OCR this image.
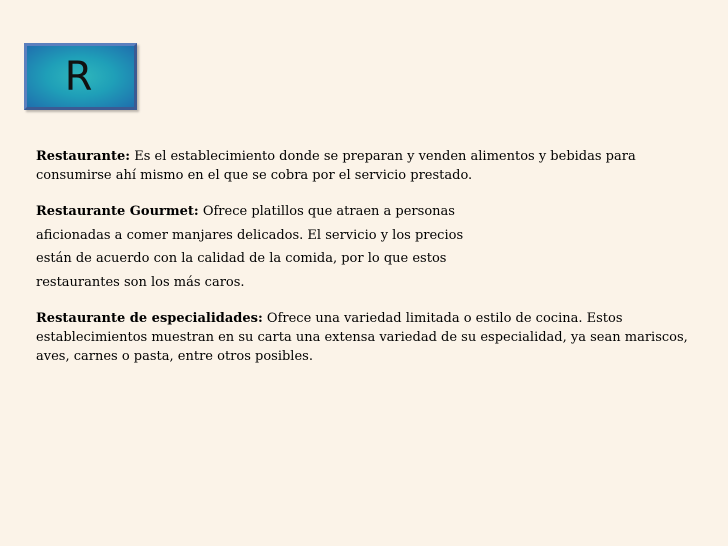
R

Restaurante: Es el establecimiento donde se preparan y venden alimentos y bebidas para consumirse ahí mismo en el que se cobra por el servicio prestado.

Restaurante Gourmet: Ofrece platillos que atraen a personas
aficionadas a comer manjares delicados. El servicio y los precios
están de acuerdo con la calidad de la comida, por lo que estos
restaurantes son los más caros.

Restaurante de especialidades: Ofrece una variedad limitada o estilo de cocina. Estos establecimientos muestran en su carta una extensa variedad de su especialidad, ya sean mariscos, aves, carnes o pasta, entre otros posibles.
